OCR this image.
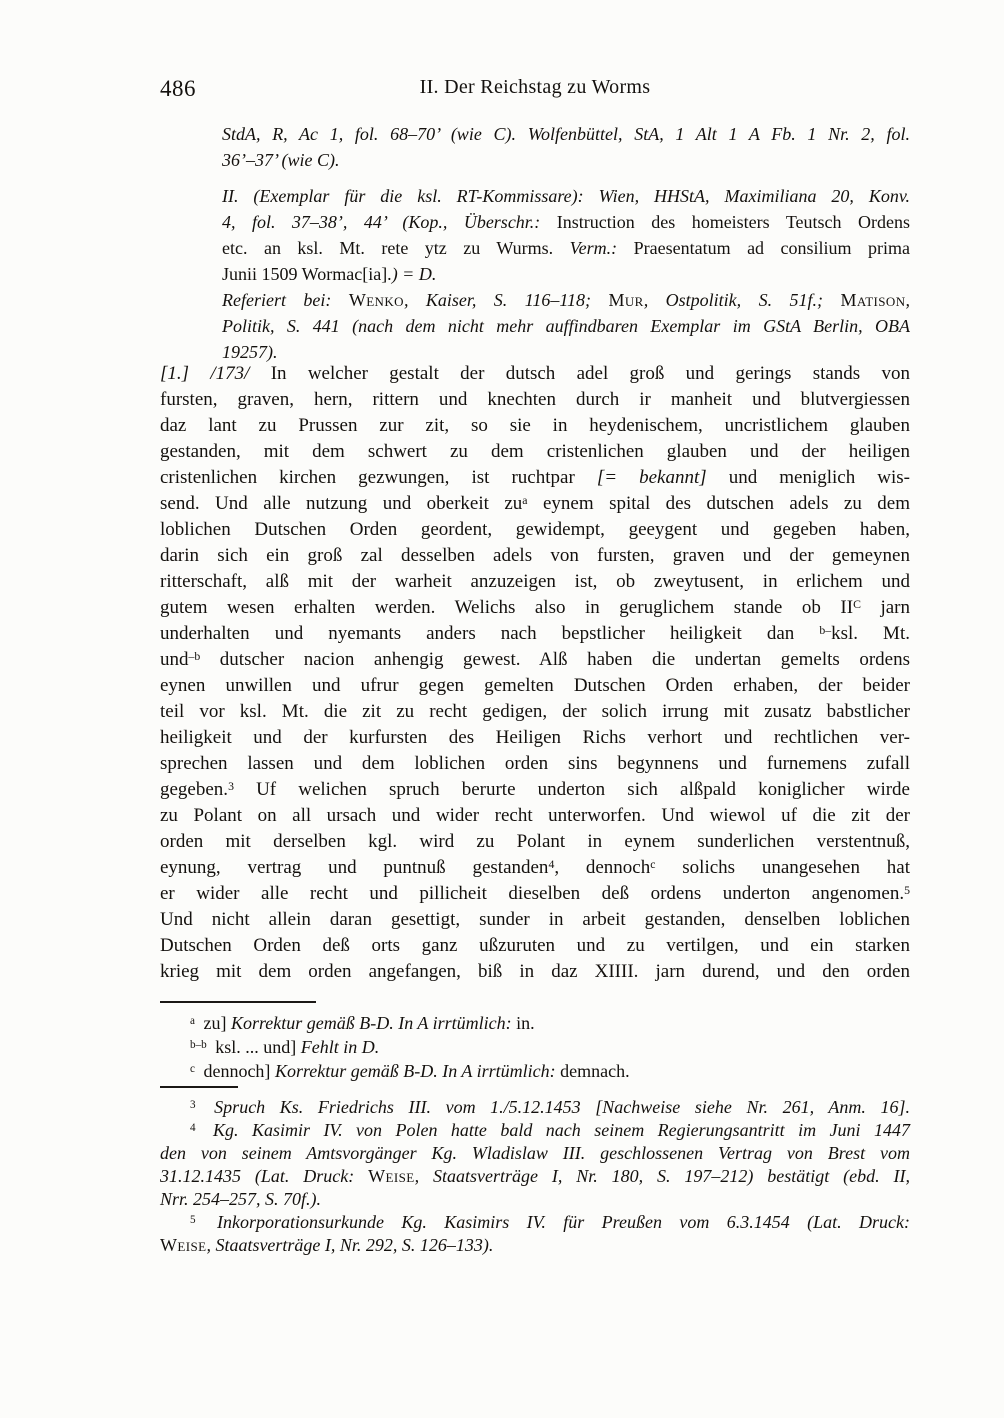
486	II. Der Reichstag zu Worms
StdA, R, Ac 1, fol. 68–70’ (wie C). Wolfenbüttel, StA, 1 Alt 1 A Fb. 1 Nr. 2, fol.
36’–37’ (wie C).
II. (Exemplar für die ksl. RT-Kommissare): Wien, HHStA, Maximiliana 20, Konv.
4, fol. 37–38’, 44’ (Kop., Überschr.: Instruction des homeisters Teutsch Ordens
etc. an ksl. Mt. rete ytz zu Wurms. Verm.: Praesentatum ad consilium prima
Junii 1509 Wormac[ia].) = D.
Referiert bei: Wenko, Kaiser, S. 116–118; Mur, Ostpolitik, S. 51f.; Matison,
Politik, S. 441 (nach dem nicht mehr auffindbaren Exemplar im GStA Berlin, OBA
19257).
[1.] /173/ In welcher gestalt der dutsch adel groß und gerings stands von
fursten, graven, hern, rittern und knechten durch ir manheit und blutvergiessen
daz lant zu Prussen zur zit, so sie in heydenischem, uncristlichem glauben
gestanden, mit dem schwert zu dem cristenlichen glauben und der heiligen
cristenlichen kirchen gezwungen, ist ruchtpar [= bekannt] und meniglich wis-
send. Und alle nutzung und oberkeit $zu^a$ eynem spital des dutschen adels zu dem
loblichen Dutschen Orden geordent, gewidempt, geeygent und gegeben haben,
darin sich ein groß zal desselben adels von fursten, graven und der gemeynen
ritterschaft, alß mit der warheit anzuzeigen ist, ob zweytusent, in erlichem und
gutem wesen erhalten werden. Welichs also in geruglichem stande ob $II^C$ jarn
underhalten und nyemants anders nach bepstlicher heiligkeit dan $^{b-}$ksl. Mt.
und$^{-b}$ dutscher nacion anhengig gewest. Alß haben die undertan gemelts ordens
eynen unwillen und ufrur gegen gemelten Dutschen Orden erhaben, der beider
teil vor ksl. Mt. die zit zu recht gedigen, der solich irrung mit zusatz babstlicher
heiligkeit und der kurfursten des Heiligen Richs verhort und rechtlichen ver-
sprechen lassen und dem loblichen orden sins begynnens und furnemens zufall
gegeben.$^3$ Uf welichen spruch berurte underton sich alßpald koniglicher wirde
zu Polant on all ursach und wider recht unterworfen. Und wiewol uf die zit der
orden mit derselben kgl. wird zu Polant in eynem sunderlichen verstentnuß,
eynung, vertrag und puntnuß gestanden$^4$, dennoch$^c$ solichs unangesehen hat
er wider alle recht und pillicheit dieselben deß ordens underton angenomen.$^5$
Und nicht allein daran gesettigt, sunder in arbeit gestanden, denselben loblichen
Dutschen Orden deß orts ganz ußzuruten und zu vertilgen, und ein starken
krieg mit dem orden angefangen, biß in daz XIIII. jarn durend, und den orden
$^a$ zu] Korrektur gemäß B-D. In A irrtümlich: in.
$^{b-b}$ ksl. ... und] Fehlt in D.
$^c$ dennoch] Korrektur gemäß B-D. In A irrtümlich: demnach.
$^3$ Spruch Ks. Friedrichs III. vom 1./5.12.1453 [Nachweise siehe Nr. 261, Anm. 16].
$^4$ Kg. Kasimir IV. von Polen hatte bald nach seinem Regierungsantritt im Juni 1447
den von seinem Amtsvorgänger Kg. Wladislaw III. geschlossenen Vertrag von Brest vom
31.12.1435 (Lat. Druck: Weise, Staatsverträge I, Nr. 180, S. 197–212) bestätigt (ebd. II,
Nrr. 254–257, S. 70f.).
$^5$ Inkorporationsurkunde Kg. Kasimirs IV. für Preußen vom 6.3.1454 (Lat. Druck:
Weise, Staatsverträge I, Nr. 292, S. 126–133).
